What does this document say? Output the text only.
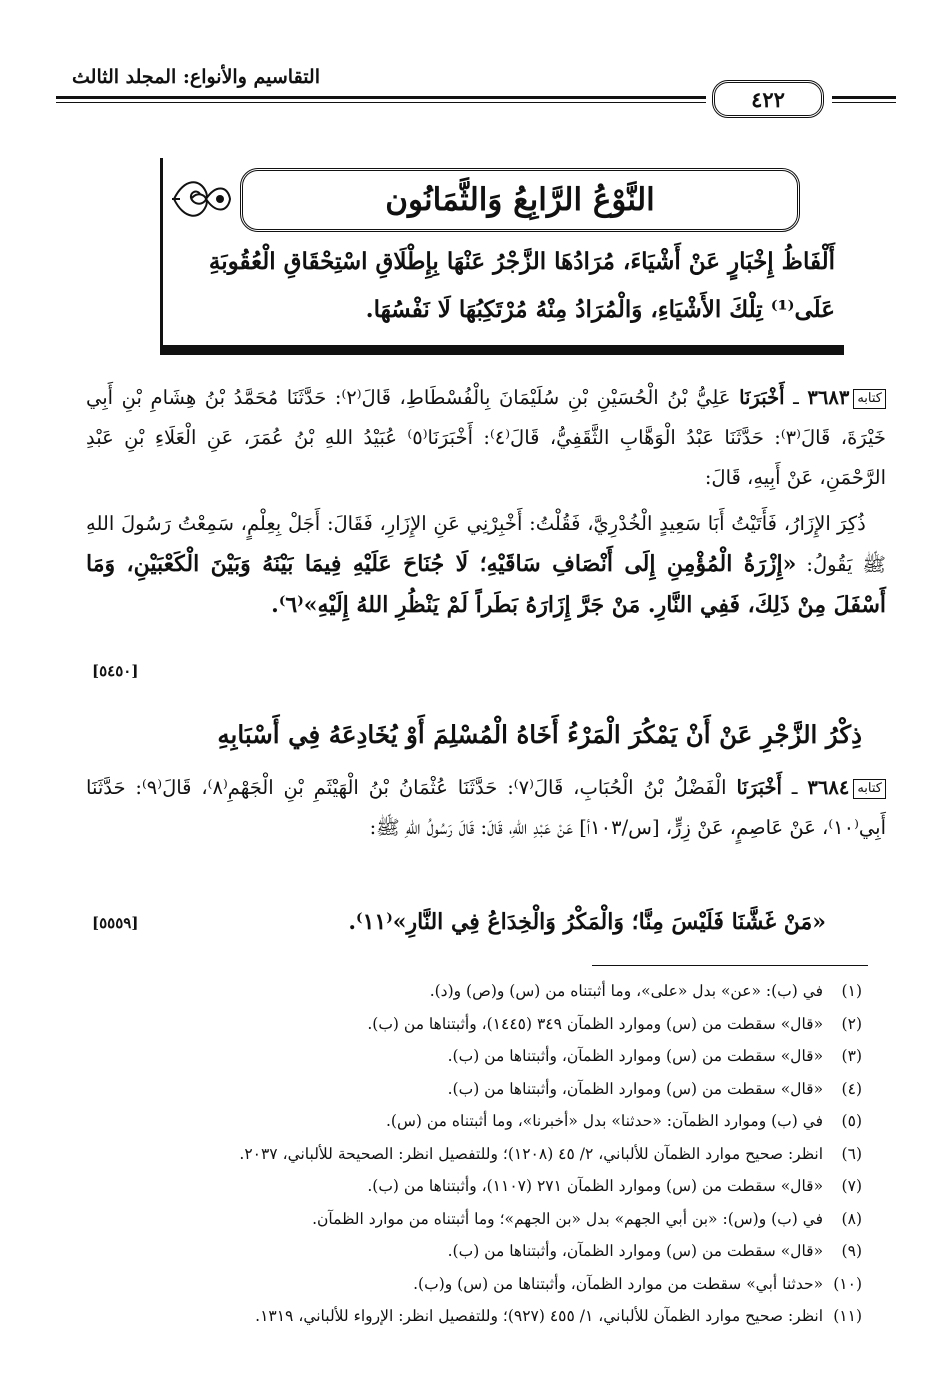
التقاسيم والأنواع: المجلد الثالث
٤٢٢
النَّوْعُ الرَّابِعُ وَالثَّمَانُون
أَلْفَاظُ إِخْبَارٍ عَنْ أَشْيَاءَ، مُرَادُهَا الزَّجْرُ عَنْهَا بِإِطْلَاقِ اسْتِحْقَاقِ الْعُقُوبَةِ
عَلَى⁽¹⁾ تِلْكَ الأَشْيَاءِ، وَالْمُرَادُ مِنْهُ مُرْتَكِبُهَا لَا نَفْسُهَا.
كتابه٣٦٨٣ ـ أَخْبَرَنَا عَلِيُّ بْنُ الْحُسَيْنِ بْنِ سُلَيْمَانَ بِالْفُسْطَاطِ، قَالَ⁽٢⁾: حَدَّثَنَا مُحَمَّدُ بْنُ هِشَامِ بْنِ أَبِي خَيْرَةَ، قَالَ⁽٣⁾: حَدَّثَنَا عَبْدُ الْوَهَّابِ الثَّقَفِيُّ، قَالَ⁽٤⁾: أَخْبَرَنَا⁽٥⁾ عُبَيْدُ اللهِ بْنُ عُمَرَ، عَنِ الْعَلَاءِ بْنِ عَبْدِ الرَّحْمَنِ، عَنْ أَبِيهِ، قَالَ:
ذُكِرَ الإِزَارُ، فَأَتَيْتُ أَبَا سَعِيدٍ الْخُدْرِيَّ، فَقُلْتُ: أَخْبِرْنِي عَنِ الإِزَارِ، فَقَالَ: أَجَلْ بِعِلْمٍ، سَمِعْتُ رَسُولَ اللهِ ﷺ يَقُولُ: «إِزْرَةُ الْمُؤْمِنِ إِلَى أَنْصَافِ سَاقَيْهِ؛ لَا جُنَاحَ عَلَيْهِ فِيمَا بَيْنَهُ وَبَيْنَ الْكَعْبَيْنِ، وَمَا أَسْفَلَ مِنْ ذَلِكَ، فَفِي النَّارِ. مَنْ جَرَّ إِزَارَهُ بَطَراً لَمْ يَنْظُرِ اللهُ إِلَيْهِ»⁽٦⁾.
[٥٤٥٠]
ذِكْرُ الزَّجْرِ عَنْ أَنْ يَمْكُرَ الْمَرْءُ أَخَاهُ الْمُسْلِمَ أَوْ يُخَادِعَهُ فِي أَسْبَابِهِ
كتابه٣٦٨٤ ـ أَخْبَرَنَا الْفَضْلُ بْنُ الْحُبَابِ، قَالَ⁽٧⁾: حَدَّثَنَا عُثْمَانُ بْنُ الْهَيْثَمِ بْنِ الْجَهْمِ⁽٨⁾، قَالَ⁽٩⁾: حَدَّثَنَا أَبِي⁽١٠⁾، عَنْ عَاصِمٍ، عَنْ زِرٍّ، [س/١٠٣أ] عَنْ عَبْدِ اللهِ، قَالَ: قَالَ رَسُولُ اللهِ ﷺ:
«مَنْ غَشَّنَا فَلَيْسَ مِنَّا؛ وَالْمَكْرُ وَالْخِدَاعُ فِي النَّارِ»⁽١١⁾.
[٥٥٥٩]
(١) في (ب): «عن» بدل «على»، وما أثبتناه من (س) و(ص) و(د).
(٢) «قال» سقطت من (س) وموارد الظمآن ٣٤٩ (١٤٤٥)، وأثبتناها من (ب).
(٣) «قال» سقطت من (س) وموارد الظمآن، وأثبتناها من (ب).
(٤) «قال» سقطت من (س) وموارد الظمآن، وأثبتناها من (ب).
(٥) في (ب) وموارد الظمآن: «حدثنا» بدل «أخبرنا»، وما أثبتناه من (س).
(٦) انظر: صحيح موارد الظمآن للألباني، ٢/ ٤٥ (١٢٠٨)؛ وللتفصيل انظر: الصحيحة للألباني، ٢٠٣٧.
(٧) «قال» سقطت من (س) وموارد الظمآن ٢٧١ (١١٠٧)، وأثبتناها من (ب).
(٨) في (ب) و(س): «بن أبي الجهم» بدل «بن الجهم»؛ وما أثبتناه من موارد الظمآن.
(٩) «قال» سقطت من (س) وموارد الظمآن، وأثبتناها من (ب).
(١٠) «حدثنا أبي» سقطت من موارد الظمآن، وأثبتناها من (س) و(ب).
(١١) انظر: صحيح موارد الظمآن للألباني، ١/ ٤٥٥ (٩٢٧)؛ وللتفصيل انظر: الإرواء للألباني، ١٣١٩.
